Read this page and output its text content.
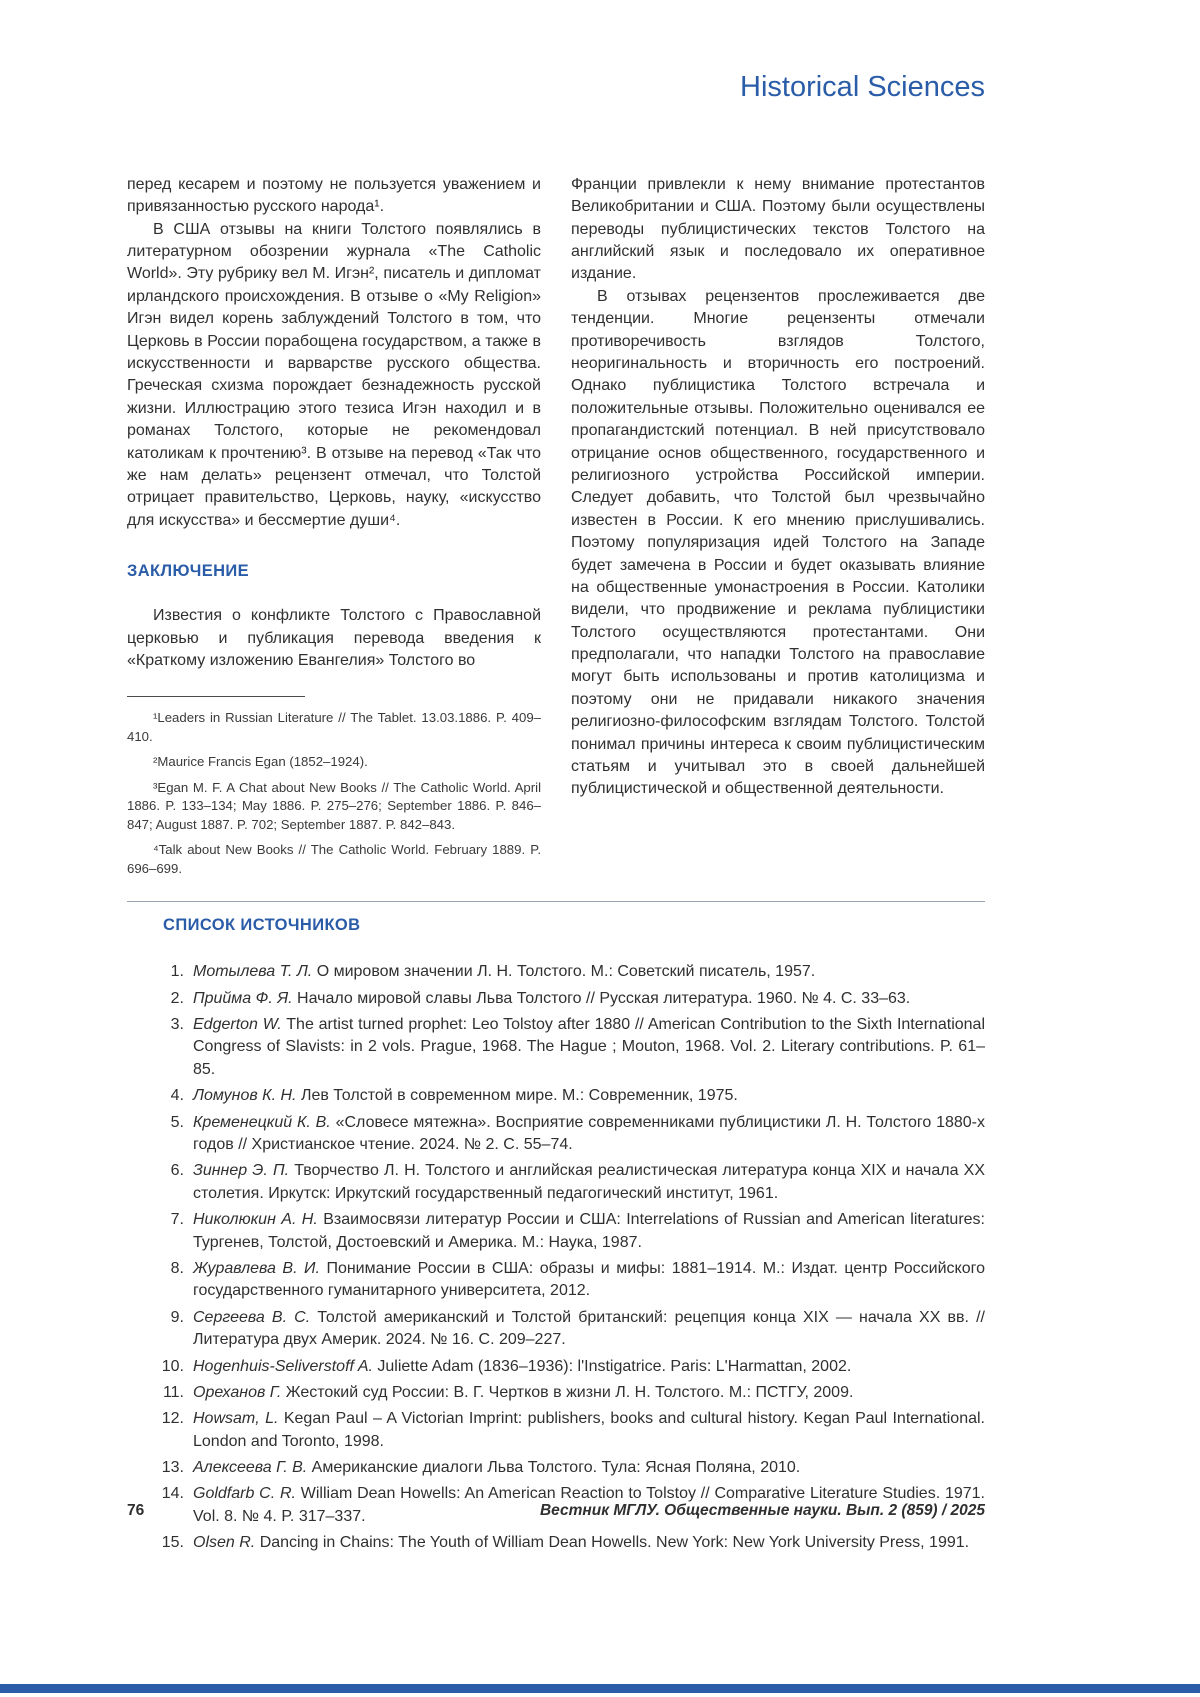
Historical Sciences

перед кесарем и поэтому не пользуется уважением и привязанностью русского народа¹.

В США отзывы на книги Толстого появлялись в литературном обозрении журнала «The Catholic World». Эту рубрику вел М. Игэн², писатель и дипломат ирландского происхождения. В отзыве о «My Religion» Игэн видел корень заблуждений Толстого в том, что Церковь в России порабощена государством, а также в искусственности и варварстве русского общества. Греческая схизма порождает безнадежность русской жизни. Иллюстрацию этого тезиса Игэн находил и в романах Толстого, которые не рекомендовал католикам к прочтению³. В отзыве на перевод «Так что же нам делать» рецензент отмечал, что Толстой отрицает правительство, Церковь, науку, «искусство для искусства» и бессмертие души⁴.

ЗАКЛЮЧЕНИЕ

Известия о конфликте Толстого с Православной церковью и публикация перевода введения к «Краткому изложению Евангелия» Толстого во

¹Leaders in Russian Literature // The Tablet. 13.03.1886. P. 409–410.

²Maurice Francis Egan (1852–1924).

³Egan M. F. A Chat about New Books // The Catholic World. April 1886. P. 133–134; May 1886. P. 275–276; September 1886. P. 846–847; August 1887. P. 702; September 1887. P. 842–843.

⁴Talk about New Books // The Catholic World. February 1889. P. 696–699.

Франции привлекли к нему внимание протестантов Великобритании и США. Поэтому были осуществлены переводы публицистических текстов Толстого на английский язык и последовало их оперативное издание.

В отзывах рецензентов прослеживается две тенденции. Многие рецензенты отмечали противоречивость взглядов Толстого, неоригинальность и вторичность его построений. Однако публицистика Толстого встречала и положительные отзывы. Положительно оценивался ее пропагандистский потенциал. В ней присутствовало отрицание основ общественного, государственного и религиозного устройства Российской империи. Следует добавить, что Толстой был чрезвычайно известен в России. К его мнению прислушивались. Поэтому популяризация идей Толстого на Западе будет замечена в России и будет оказывать влияние на общественные умонастроения в России. Католики видели, что продвижение и реклама публицистики Толстого осуществляются протестантами. Они предполагали, что нападки Толстого на православие могут быть использованы и против католицизма и поэтому они не придавали никакого значения религиозно-философским взглядам Толстого. Толстой понимал причины интереса к своим публицистическим статьям и учитывал это в своей дальнейшей публицистической и общественной деятельности.

СПИСОК ИСТОЧНИКОВ
1. Мотылева Т. Л. О мировом значении Л. Н. Толстого. М.: Советский писатель, 1957.
2. Прийма Ф. Я. Начало мировой славы Льва Толстого // Русская литература. 1960. № 4. С. 33–63.
3. Edgerton W. The artist turned prophet: Leo Tolstoy after 1880 // American Contribution to the Sixth International Congress of Slavists: in 2 vols. Prague, 1968. The Hague ; Mouton, 1968. Vol. 2. Literary contributions. P. 61–85.
4. Ломунов К. Н. Лев Толстой в современном мире. М.: Современник, 1975.
5. Кременецкий К. В. «Словесе мятежна». Восприятие современниками публицистики Л. Н. Толстого 1880-х годов // Христианское чтение. 2024. № 2. С. 55–74.
6. Зиннер Э. П. Творчество Л. Н. Толстого и английская реалистическая литература конца XIX и начала XX столетия. Иркутск: Иркутский государственный педагогический институт, 1961.
7. Николюкин А. Н. Взаимосвязи литератур России и США: Interrelations of Russian and American literatures: Тургенев, Толстой, Достоевский и Америка. М.: Наука, 1987.
8. Журавлева В. И. Понимание России в США: образы и мифы: 1881–1914. М.: Издат. центр Российского государственного гуманитарного университета, 2012.
9. Сергеева В. С. Толстой американский и Толстой британский: рецепция конца XIX — начала XX вв. // Литература двух Америк. 2024. № 16. С. 209–227.
10. Hogenhuis-Seliverstoff A. Juliette Adam (1836–1936): l'Instigatrice. Paris: L'Harmattan, 2002.
11. Ореханов Г. Жестокий суд России: В. Г. Чертков в жизни Л. Н. Толстого. М.: ПСТГУ, 2009.
12. Howsam, L. Kegan Paul – A Victorian Imprint: publishers, books and cultural history. Kegan Paul International. London and Toronto, 1998.
13. Алексеева Г. В. Американские диалоги Льва Толстого. Тула: Ясная Поляна, 2010.
14. Goldfarb C. R. William Dean Howells: An American Reaction to Tolstoy // Comparative Literature Studies. 1971. Vol. 8. № 4. P. 317–337.
15. Olsen R. Dancing in Chains: The Youth of William Dean Howells. New York: New York University Press, 1991.
76	Вестник МГЛУ. Общественные науки. Вып. 2 (859) / 2025
